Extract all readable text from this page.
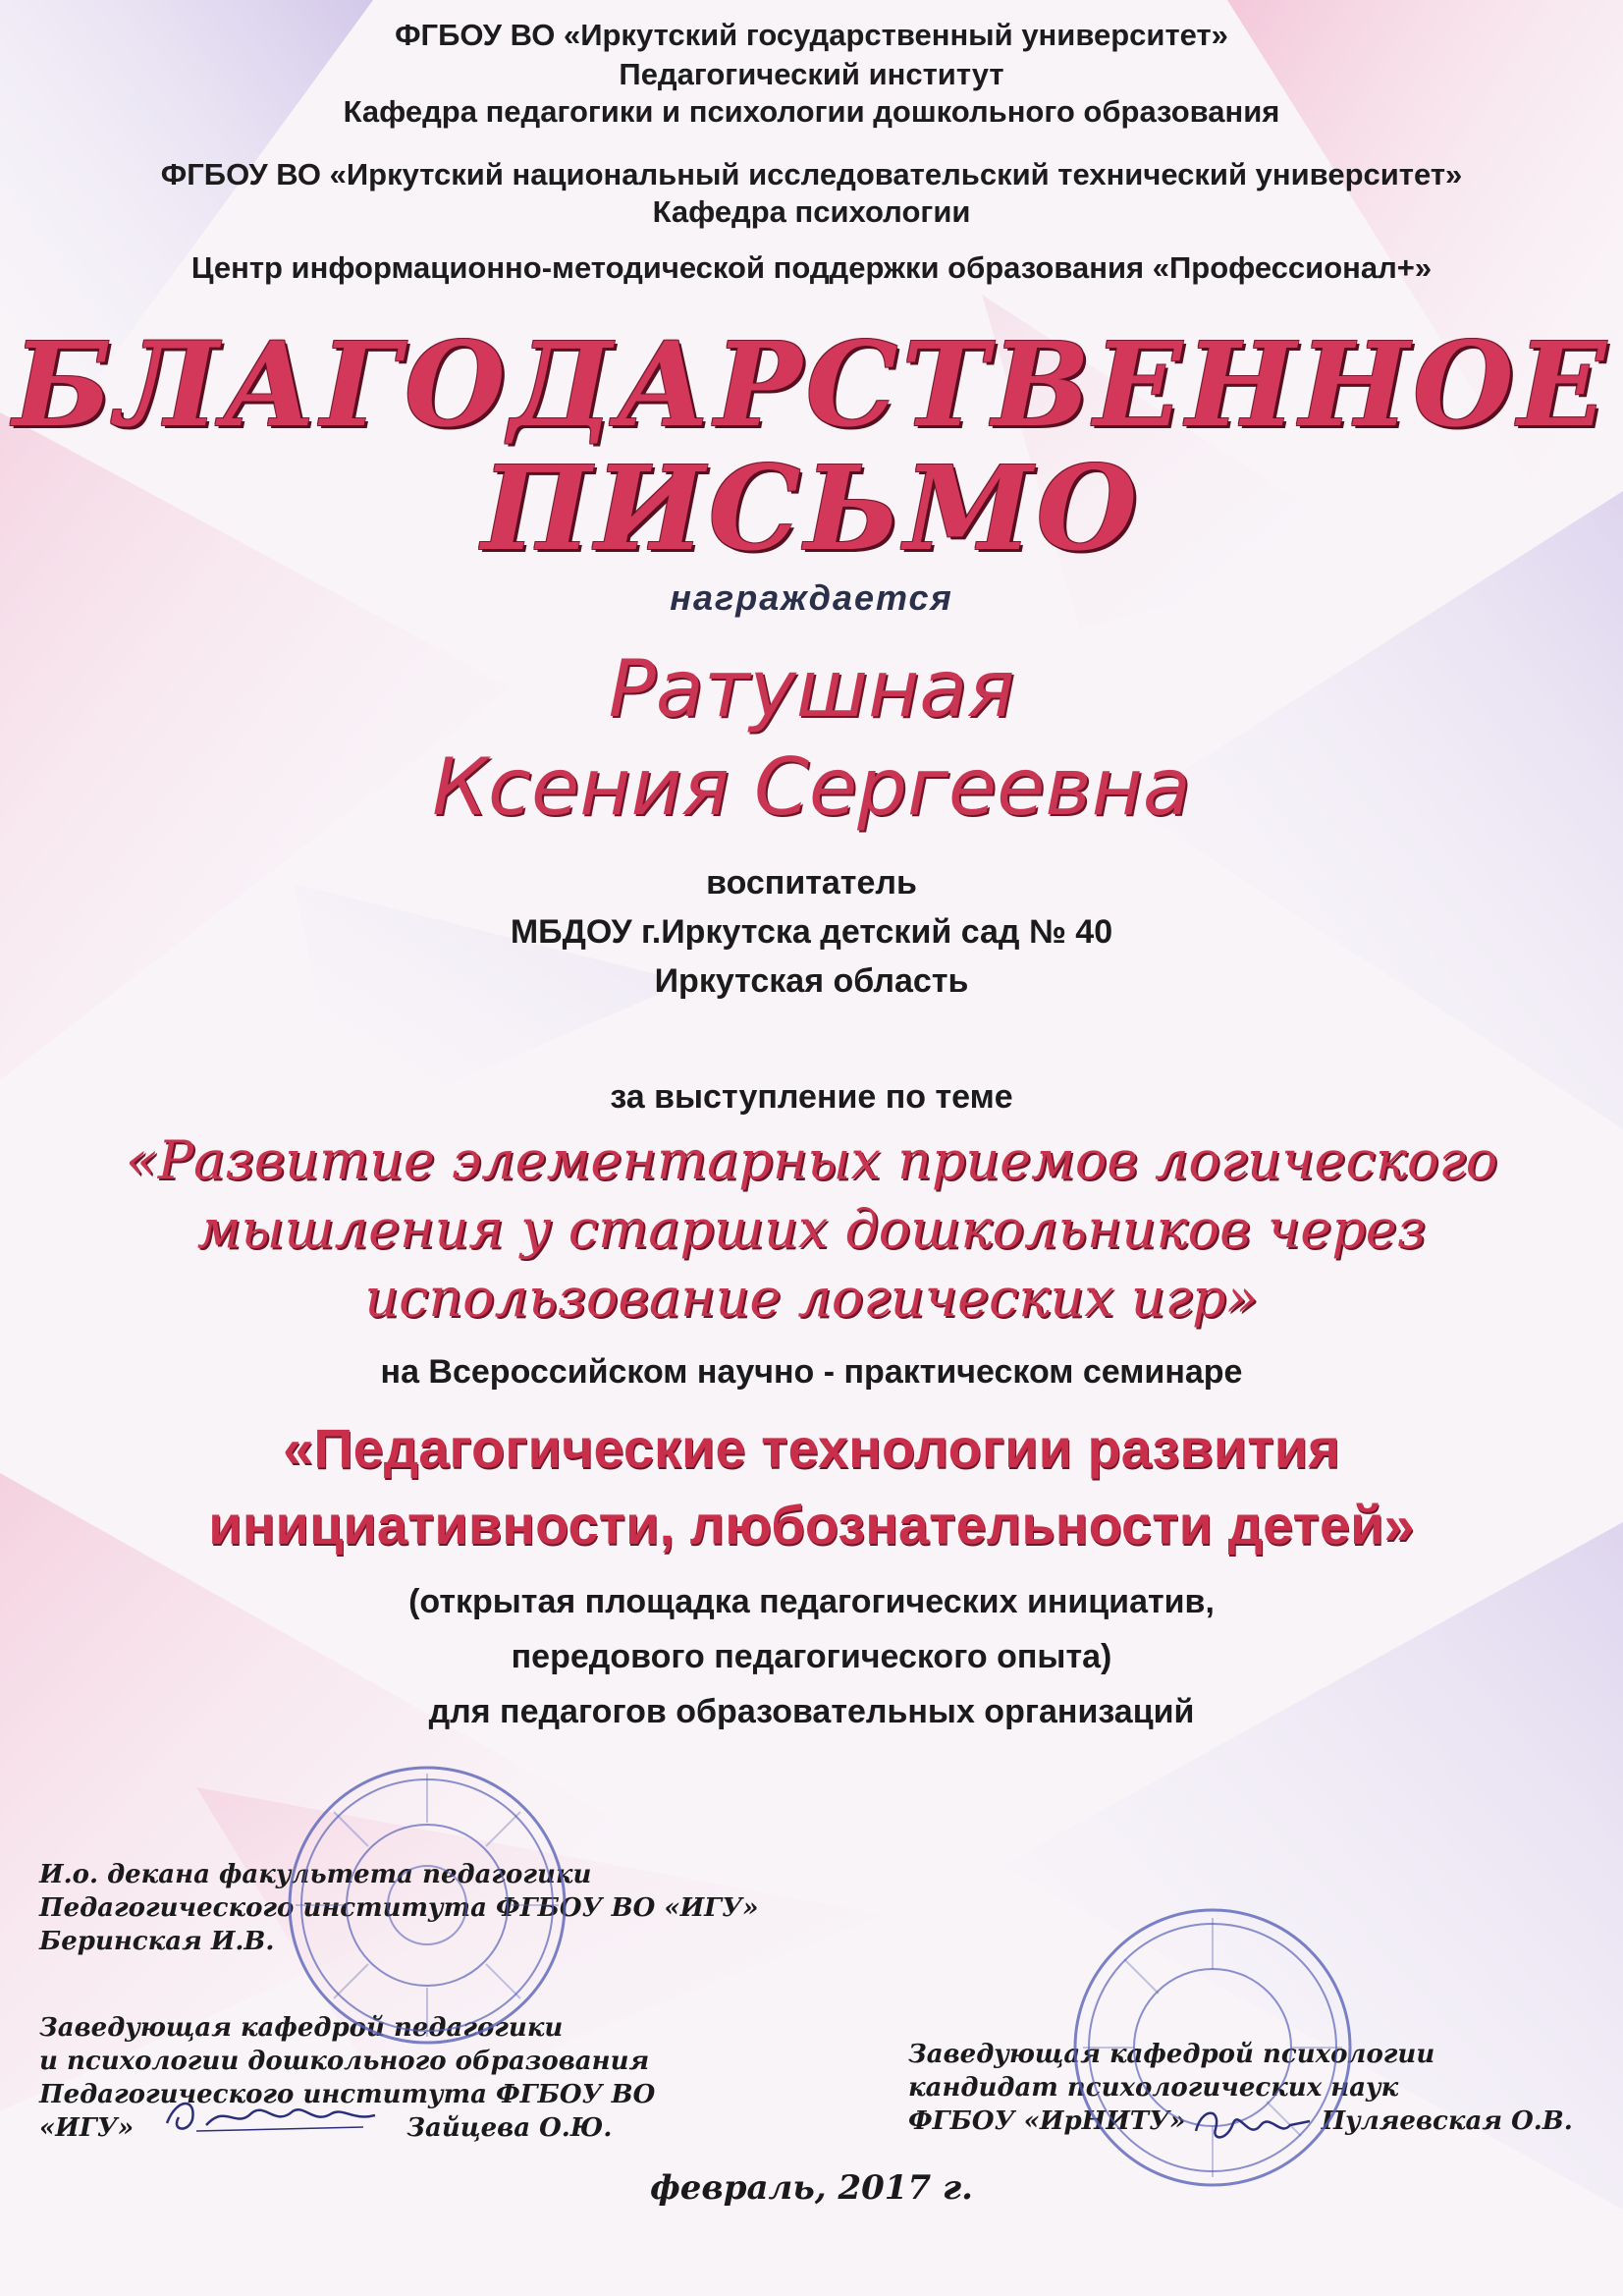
ФГБОУ ВО «Иркутский государственный университет»
Педагогический институт
Кафедра педагогики и психологии дошкольного образования
ФГБОУ ВО «Иркутский национальный исследовательский технический университет»
Кафедра психологии
Центр информационно-методической поддержки образования «Профессионал+»
БЛАГОДАРСТВЕННОЕ
ПИСЬМО
награждается
Ратушная
Ксения Сергеевна
воспитатель
МБДОУ г.Иркутска детский сад № 40
Иркутская область
за выступление по теме
«Развитие элементарных приемов логического
мышления у старших дошкольников через
использование логических игр»
на Всероссийском научно - практическом семинаре
«Педагогические технологии развития
инициативности, любознательности детей»
(открытая площадка педагогических инициатив,
передового педагогического опыта)
для педагогов образовательных организаций
И.о. декана факультета педагогики
Педагогического института ФГБОУ ВО «ИГУ»
Беринская И.В.
Заведующая кафедрой педагогики
и психологии дошкольного образования
Педагогического института ФГБОУ ВО
«ИГУ»	Зайцева О.Ю.
Заведующая кафедрой психологии
кандидат психологических наук
ФГБОУ «ИрНИТУ»	Пуляевская О.В.
февраль, 2017 г.
